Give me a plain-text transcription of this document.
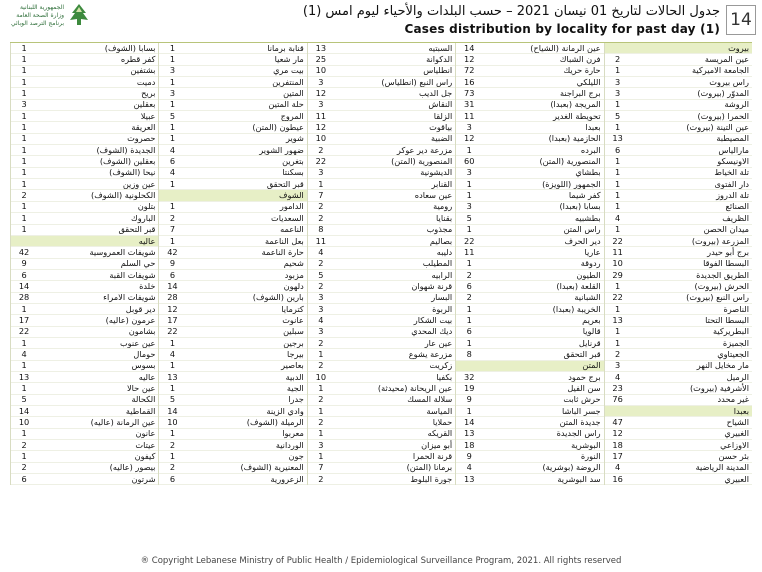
الجمهورية اللبنانية
وزارة الصحة العامة
برنامج الترصد الوبائي
جدول الحالات لتاريخ 01 نيسان 2021 – حسب البلدات والأحياء ليوم امس (1)
Cases distribution by locality for past day (1) 14
بيروت
عين المريسة
2
الجامعة الاميركية
1
راس بيروت
3
المدوّر (بيروت)
3
الروشة
1
الحمرا (بيروت)
5
عين التينة (بيروت)
1
المصيطبة
13
مارالياس
6
الاونيسكو
1
تلة الخياط
1
دار الفتوى
1
تلة الدروز
1
الصنائع
1
الظريف
4
ميدان الحصن
1
المزرعة (بيروت)
22
برج أبو حيدر
11
البسطا الفوقا
10
الطريق الجديدة
29
الحرش (بيروت)
1
راس النبع (بيروت)
22
الناصرة
1
البسطا التحتا
13
البطريركية
1
الجميزة
1
الجعيتاوي
2
مار مخايل النهر
3
الرميل
4
الأشرفية (بيروت)
23
غير محدد
76
بعبدا
الشياح
47
الغبيري
12
الاوزاعي
18
بئر حسن
17
المدينة الرياضية
4
العبيري
16
عين الرمانة (الشياح)
14
فرن الشباك
12
حارة حريك
72
الليلكي
16
برج البراجنة
73
المريجة (بعبدا)
31
تحويطة الغدير
11
بعبدا
3
الحازمية (بعبدا)
12
البرده
1
المنصورية (المتن)
60
بطشاي
3
الجمهور (اللويزة)
1
كفر شيما
1
بسابا (بعبدا)
3
بطشبيه
5
راس المتن
1
دير الحرف
22
عاريا
11
ردوقة
1
الطيون
2
القلعة (بعبدا)
6
الشبانية
2
الخريبة (بعبدا)
1
بعريم
1
قالويا
6
قرنايل
1
قبر التحقق
8
المتن
برج حمود
32
سن الفيل
19
حرش ثابت
9
جسر الباشا
1
جديدة المتن
14
راس الجديدة
13
البوشرية
18
النورة
9
الروضة (بوشرية)
4
سد البوشرية
13
السبتيه
13
الدكوانة
25
انطلياس
10
راس النبع (انطلياس)
3
جل الديب
12
النقاش
3
الزلقا
11
بياقوت
12
الضبية
10
مزرعة دير عوكر
2
المنصورية (المتن)
22
الديشونية
3
القنابر
1
عين سعاده
7
رومية
2
بقنايا
2
مجذوب
8
بصاليم
11
دليبه
4
المطيلب
2
الرابيه
5
قرنة شهوان
2
البسار
3
الربوة
3
بيت الشكار
4
ديك المحدي
3
عين عار
2
مزرعة يشوع
1
زكريت
2
بكفيا
10
عين الريحانة (محيدثة)
1
سلالة المسك
2
المياسة
1
حملايا
2
القريكه
1
أبو ميزان
3
قرنة الحمرا
1
برمانا (المتن)
7
جورة البلوط
2
قنابة برمانا
1
مار شعيا
1
بيت مري
3
المنتفرين
1
المتين
3
حلة المتين
1
المروج
5
عيطون (المتن)
1
شوير
1
ضهور الشوير
4
بتغرين
6
بسكنتا
4
قبر التحقق
1
الشوف
الدامور
1
السعديات
2
الناعمه
7
بعل الناعمة
1
حارة الناعمة
42
شحيم
9
مزبود
6
دلهون
14
بارين (الشوف)
28
كترمايا
12
عانوت
17
سبلين
22
برجين
1
بيرجا
4
بعاصير
1
الدبية
13
الجية
1
جدرا
5
وادي الزينة
14
الرميلة (الشوف)
10
معربوا
1
الوردانية
2
جون
1
المعنيرية (الشوف)
2
الزعرورية
6
بسابا (الشوف)
1
كفر قطره
1
بشتفين
1
دميت
1
بريح
1
بعقلين
3
عبيلا
1
العريقة
1
حصروت
1
الجديدة (الشوف)
1
بعقلين (الشوف)
1
نيحا (الشوف)
1
عين وزين
1
الكحلونية (الشوف)
2
بتلون
1
الباروك
1
قبر التحقق
1
عاليه
شويفات العمروسية
42
حي السلم
9
شويفات القبة
6
خلدة
14
شويفات الامراء
28
دير قوبل
1
عرمون (عاليه)
17
بشامون
22
عين عنوب
1
حومال
4
بسوس
1
عاليه
13
عين حالا
1
الكحالة
5
القماطية
14
عين الرمانة (عاليه)
10
عانون
1
عيتات
2
كيفون
1
بيصور (عاليه)
2
شرتون
6
® Copyright Lebanese Ministry of Public Health / Epidemiological Surveillance Program, 2021. All rights reserved
